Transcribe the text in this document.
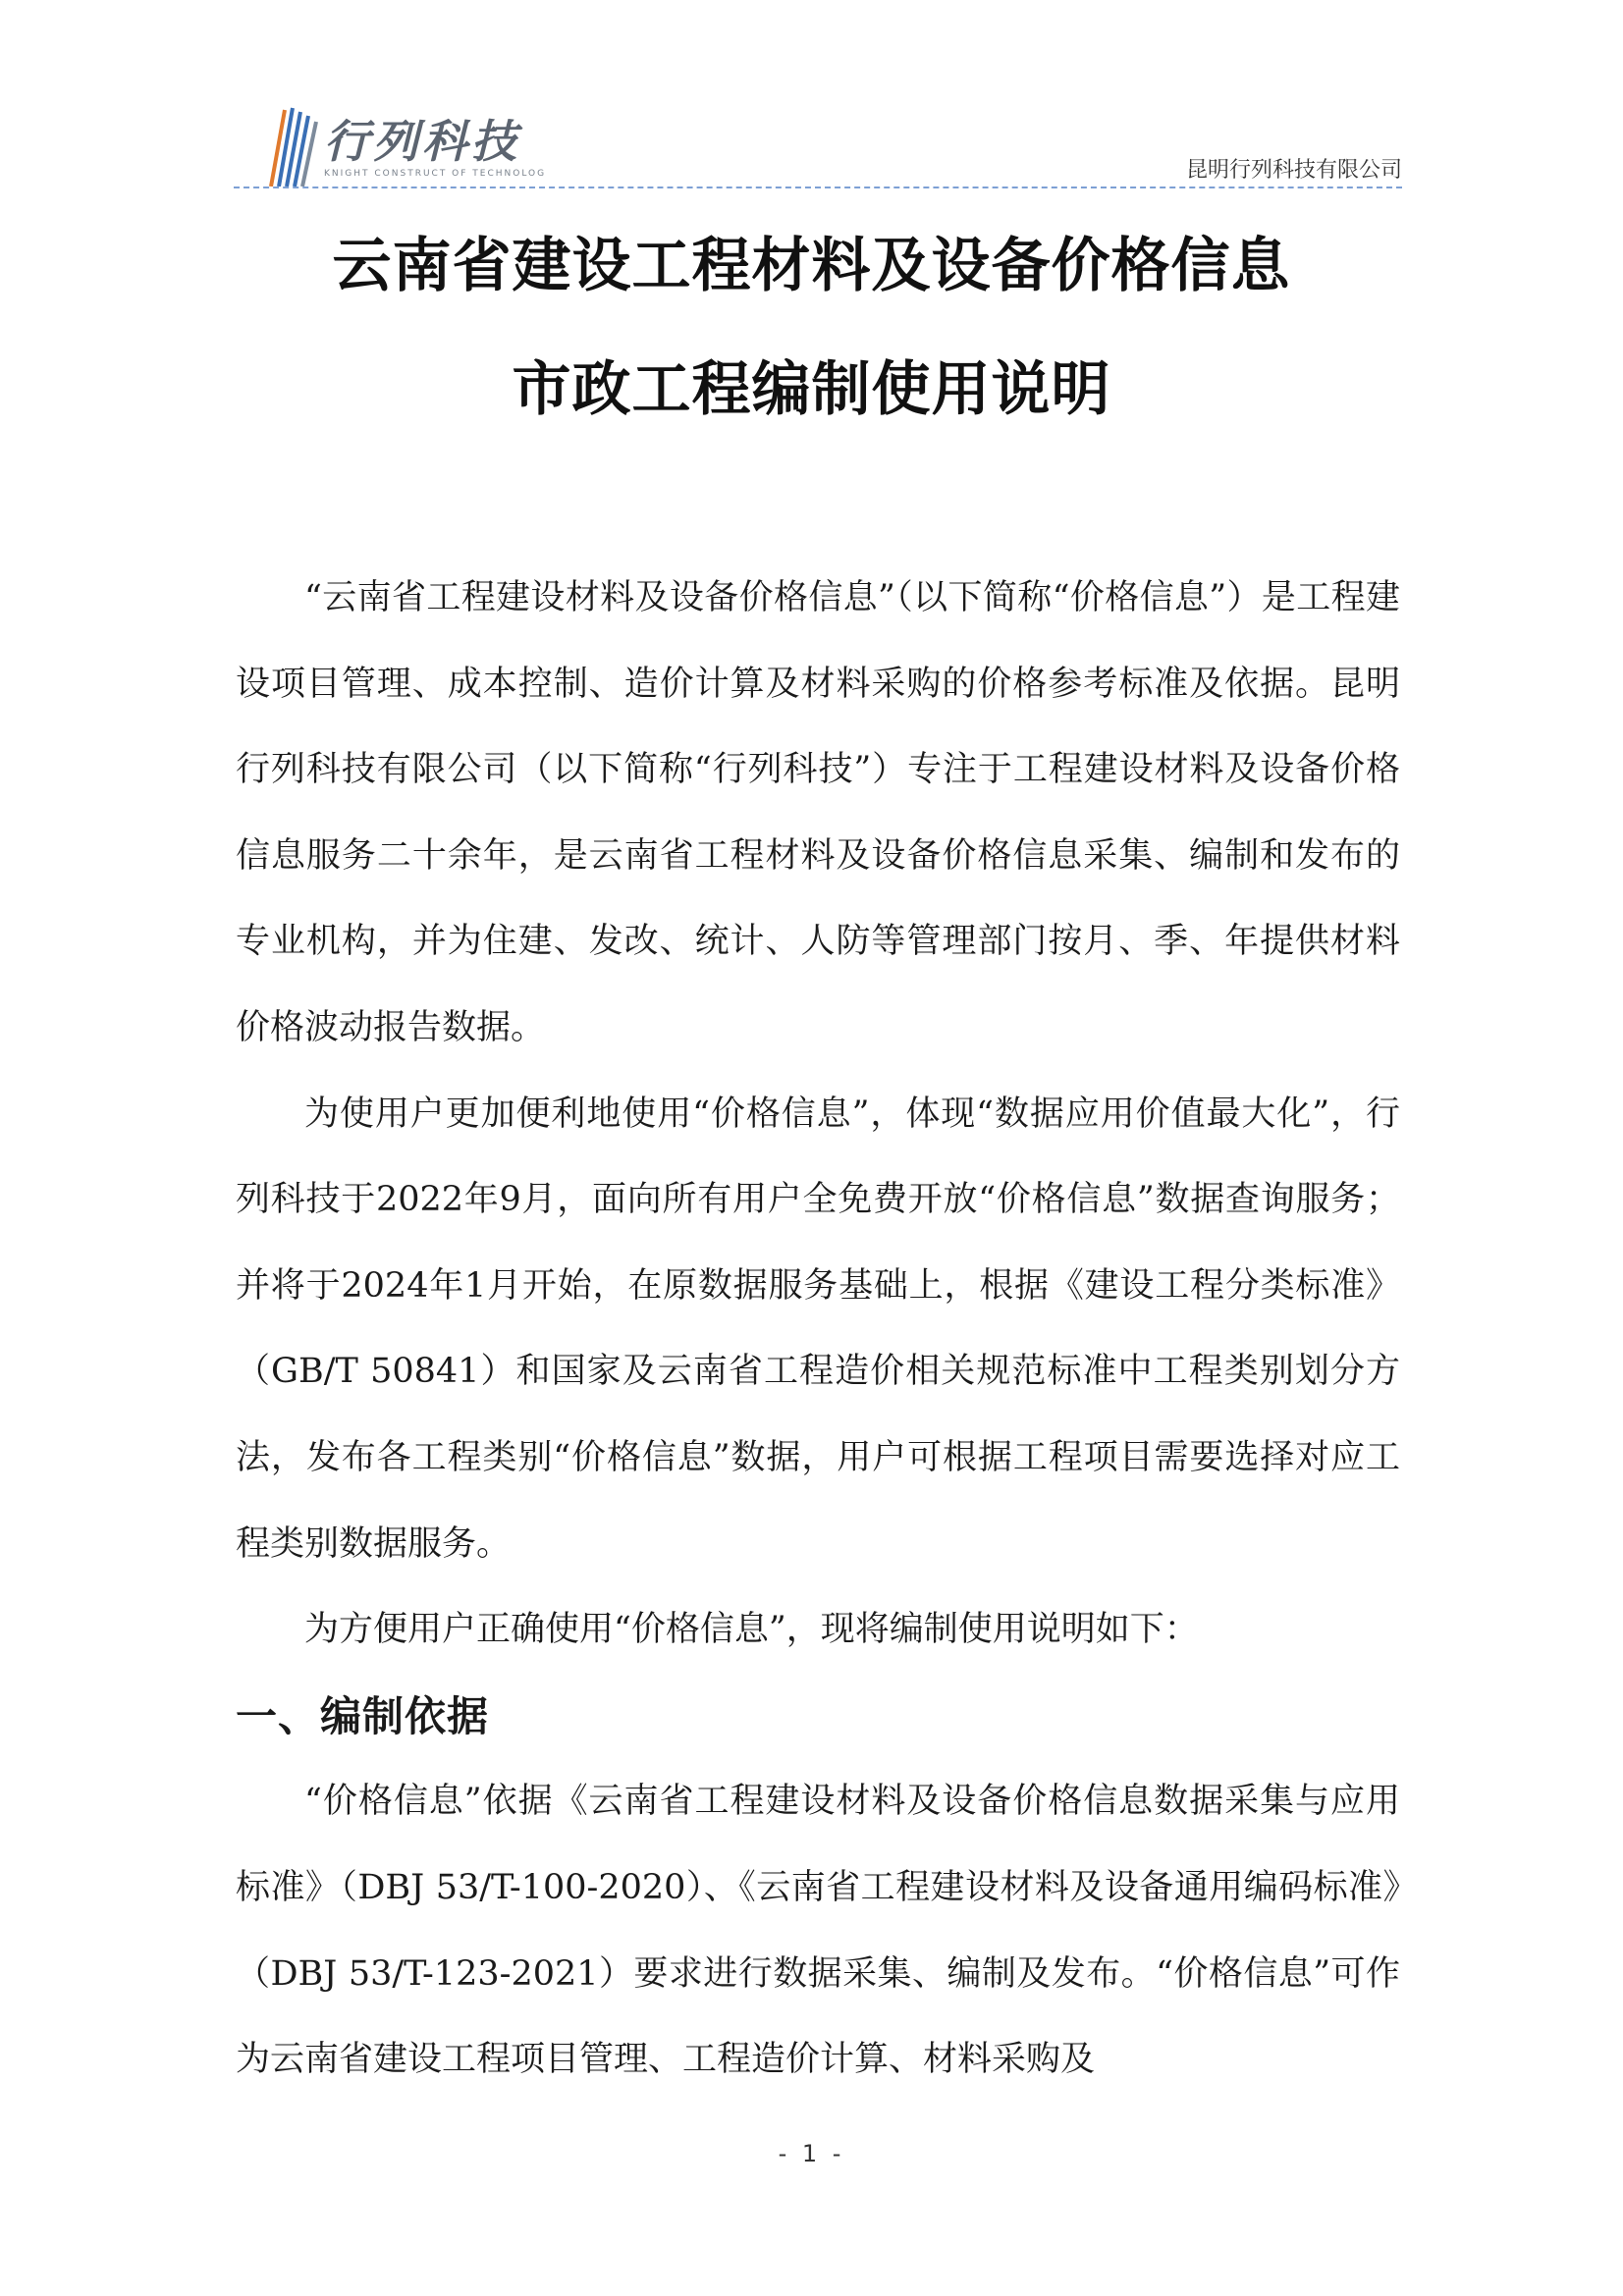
行列科技
KNIGHT CONSTRUCT OF TECHNOLOG	昆明行列科技有限公司
云南省建设工程材料及设备价格信息
市政工程编制使用说明

“云南省工程建设材料及设备价格信息”（以下简称“价格信息”）是工程建设项目管理、成本控制、造价计算及材料采购的价格参考标准及依据。昆明行列科技有限公司（以下简称“行列科技”）专注于工程建设材料及设备价格信息服务二十余年，是云南省工程材料及设备价格信息采集、编制和发布的专业机构，并为住建、发改、统计、人防等管理部门按月、季、年提供材料价格波动报告数据。

为使用户更加便利地使用“价格信息”，体现“数据应用价值最大化”，行列科技于2022年9月，面向所有用户全免费开放“价格信息”数据查询服务；并将于2024年1月开始，在原数据服务基础上，根据《建设工程分类标准》（GB/T 50841）和国家及云南省工程造价相关规范标准中工程类别划分方法，发布各工程类别“价格信息”数据，用户可根据工程项目需要选择对应工程类别数据服务。

为方便用户正确使用“价格信息”，现将编制使用说明如下：

一、编制依据

“价格信息”依据《云南省工程建设材料及设备价格信息数据采集与应用标准》（DBJ 53/T-100-2020）、《云南省工程建设材料及设备通用编码标准》（DBJ 53/T-123-2021）要求进行数据采集、编制及发布。“价格信息”可作为云南省建设工程项目管理、工程造价计算、材料采购及

- 1 -
